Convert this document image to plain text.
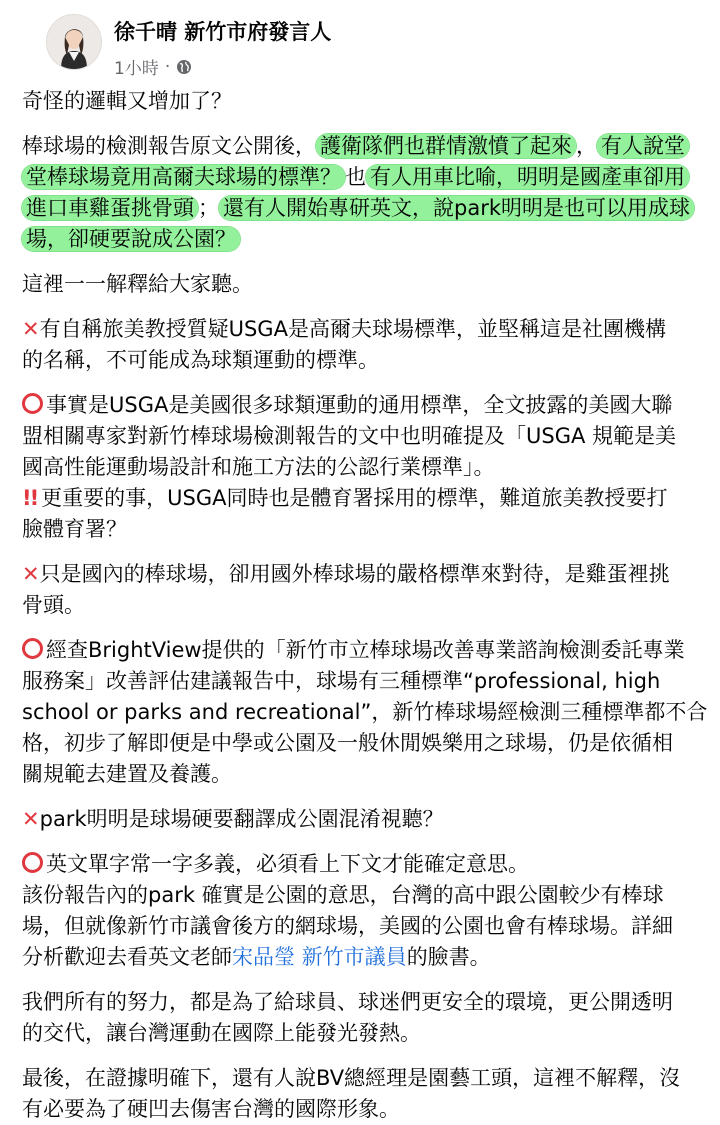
徐千晴 新竹市府發言人
1小時 ·

奇怪的邏輯又增加了？

棒球場的檢測報告原文公開後， 護衛隊們也群情激憤了起來 ， 有人說堂
堂棒球場竟用高爾夫球場的標準？ 也 有人用車比喻，明明是國產車卻用
進口車雞蛋挑骨頭 ； 還有人開始專研英文，說park明明是也可以用成球
場，卻硬要說成公園？

這裡一一解釋給大家聽。

✕有自稱旅美教授質疑USGA是高爾夫球場標準，並堅稱這是社團機構
的名稱，不可能成為球類運動的標準。

事實是USGA是美國很多球類運動的通用標準，全文披露的美國大聯
盟相關專家對新竹棒球場檢測報告的文中也明確提及「USGA 規範是美
國高性能運動場設計和施工方法的公認行業標準」。
!! 更重要的事，USGA同時也是體育署採用的標準，難道旅美教授要打
臉體育署？

✕只是國內的棒球場，卻用國外棒球場的嚴格標準來對待，是雞蛋裡挑
骨頭。

經查BrightView提供的「新竹市立棒球場改善專業諮詢檢測委託專業
服務案」改善評估建議報告中，球場有三種標準“professional, high
school or parks and recreational”，新竹棒球場經檢測三種標準都不合
格，初步了解即便是中學或公園及一般休閒娛樂用之球場，仍是依循相
關規範去建置及養護。

✕park明明是球場硬要翻譯成公園混淆視聽？

英文單字常一字多義，必須看上下文才能確定意思。
該份報告內的park 確實是公園的意思，台灣的高中跟公園較少有棒球
場，但就像新竹市議會後方的網球場，美國的公園也會有棒球場。詳細
分析歡迎去看英文老師宋品瑩 新竹市議員的臉書。

我們所有的努力，都是為了給球員、球迷們更安全的環境，更公開透明
的交代，讓台灣運動在國際上能發光發熱。

最後，在證據明確下，還有人說BV總經理是園藝工頭，這裡不解釋，沒
有必要為了硬凹去傷害台灣的國際形象。
